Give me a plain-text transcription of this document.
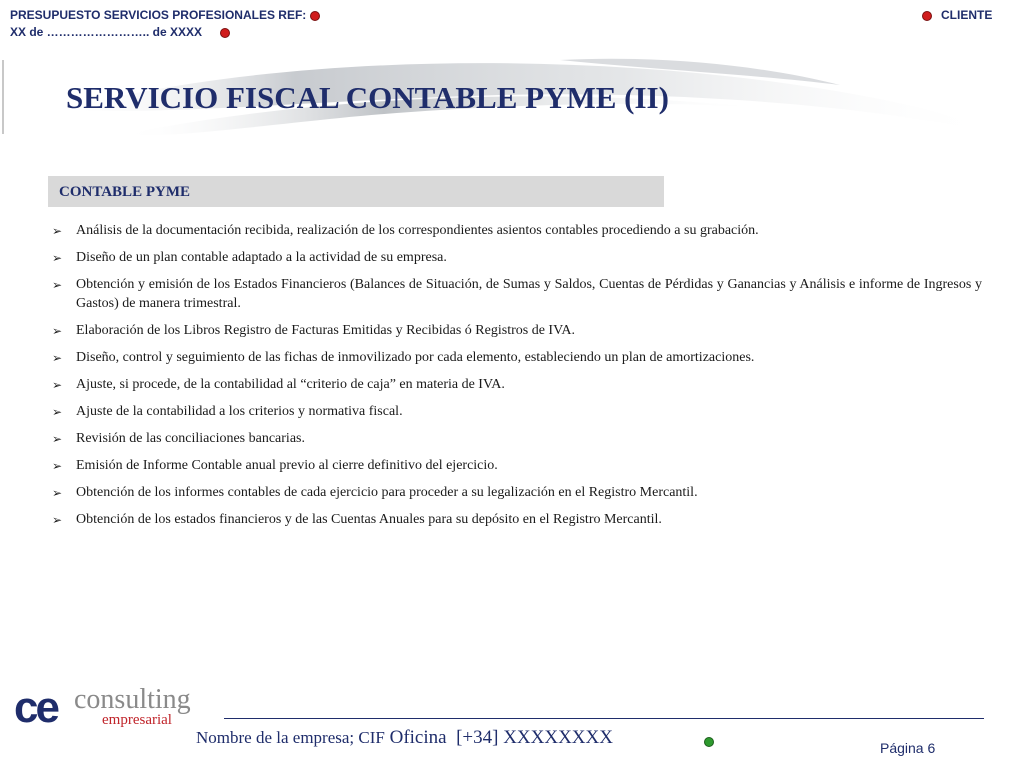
PRESUPUESTO SERVICIOS PROFESIONALES REF:
XX de …………………….. de XXXX
CLIENTE
SERVICIO FISCAL CONTABLE PYME (II)
CONTABLE PYME
➢ Análisis de la documentación recibida, realización de los correspondientes asientos contables procediendo a su grabación.
➢ Diseño de un plan contable adaptado a la actividad de su empresa.
➢ Obtención y emisión de los Estados Financieros (Balances de Situación, de Sumas y Saldos, Cuentas de Pérdidas y Ganancias y Análisis e informe de Ingresos y Gastos) de manera trimestral.
➢ Elaboración de los Libros Registro de Facturas Emitidas y Recibidas ó Registros de IVA.
➢ Diseño, control y seguimiento de las fichas de inmovilizado por cada elemento, estableciendo un plan de amortizaciones.
➢ Ajuste, si procede, de la contabilidad al “criterio de caja” en materia de IVA.
➢ Ajuste de la contabilidad a los criterios y normativa fiscal.
➢ Revisión de las conciliaciones bancarias.
➢ Emisión de Informe Contable anual previo al cierre definitivo del ejercicio.
➢ Obtención de los informes contables de cada ejercicio para proceder a su legalización en el Registro Mercantil.
➢ Obtención de los estados financieros y de las Cuentas Anuales para su depósito en el Registro Mercantil.
ce consulting
empresarial
Nombre de la empresa; CIF Oficina [+34] XXXXXXXX	Página 6
